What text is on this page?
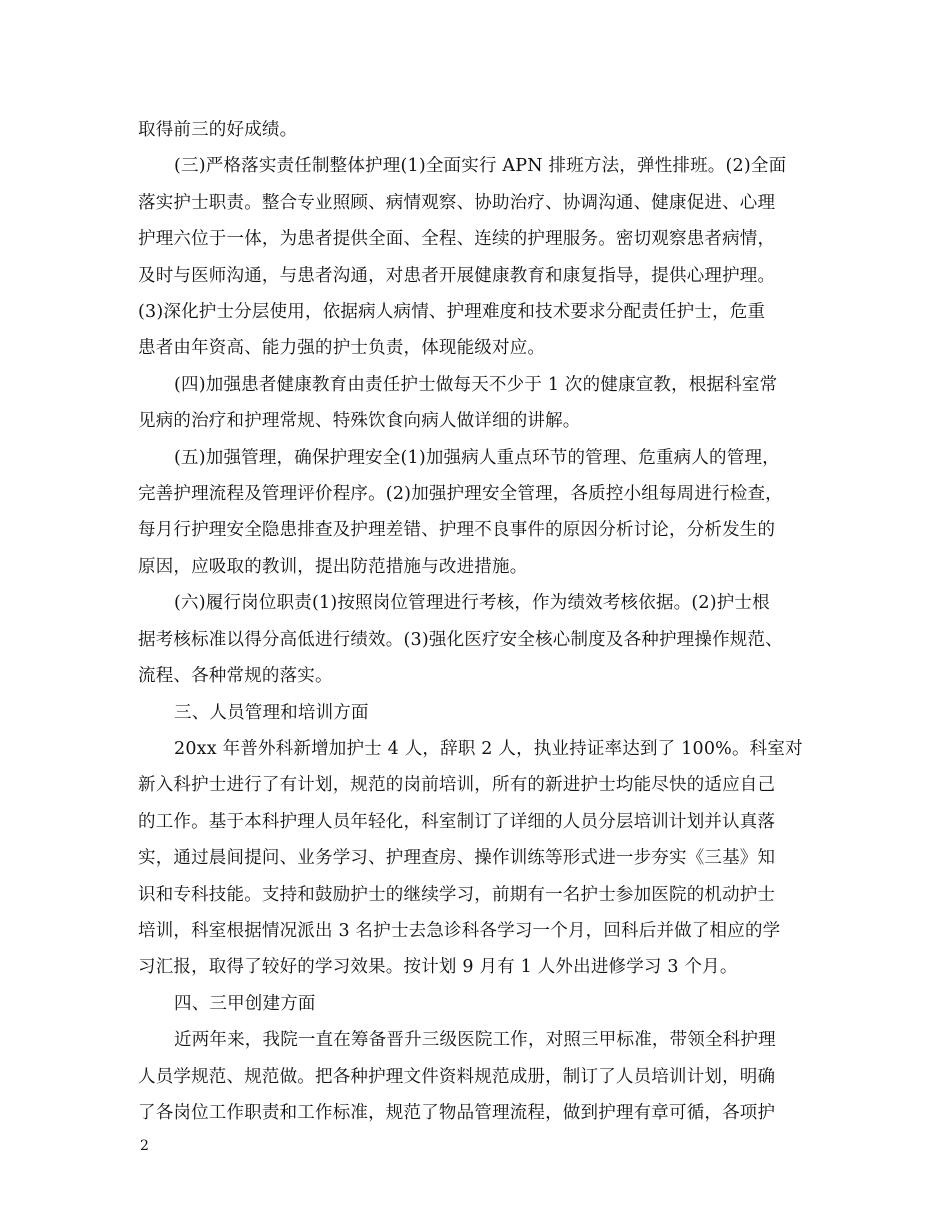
取得前三的好成绩。
(三)严格落实责任制整体护理(1)全面实行 APN 排班方法，弹性排班。(2)全面
落实护士职责。整合专业照顾、病情观察、协助治疗、协调沟通、健康促进、心理
护理六位于一体，为患者提供全面、全程、连续的护理服务。密切观察患者病情，
及时与医师沟通，与患者沟通，对患者开展健康教育和康复指导，提供心理护理。
(3)深化护士分层使用，依据病人病情、护理难度和技术要求分配责任护士，危重
患者由年资高、能力强的护士负责，体现能级对应。
(四)加强患者健康教育由责任护士做每天不少于 1 次的健康宣教，根据科室常
见病的治疗和护理常规、特殊饮食向病人做详细的讲解。
(五)加强管理，确保护理安全(1)加强病人重点环节的管理、危重病人的管理，
完善护理流程及管理评价程序。(2)加强护理安全管理，各质控小组每周进行检查，
每月行护理安全隐患排查及护理差错、护理不良事件的原因分析讨论，分析发生的
原因，应吸取的教训，提出防范措施与改进措施。
(六)履行岗位职责(1)按照岗位管理进行考核，作为绩效考核依据。(2)护士根
据考核标准以得分高低进行绩效。(3)强化医疗安全核心制度及各种护理操作规范、
流程、各种常规的落实。
三、人员管理和培训方面
20xx 年普外科新增加护士 4 人，辞职 2 人，执业持证率达到了 100%。科室对
新入科护士进行了有计划，规范的岗前培训，所有的新进护士均能尽快的适应自己
的工作。基于本科护理人员年轻化，科室制订了详细的人员分层培训计划并认真落
实，通过晨间提问、业务学习、护理查房、操作训练等形式进一步夯实《三基》知
识和专科技能。支持和鼓励护士的继续学习，前期有一名护士参加医院的机动护士
培训，科室根据情况派出 3 名护士去急诊科各学习一个月，回科后并做了相应的学
习汇报，取得了较好的学习效果。按计划 9 月有 1 人外出进修学习 3 个月。
四、三甲创建方面
近两年来，我院一直在筹备晋升三级医院工作，对照三甲标准，带领全科护理
人员学规范、规范做。把各种护理文件资料规范成册，制订了人员培训计划，明确
了各岗位工作职责和工作标准，规范了物品管理流程，做到护理有章可循，各项护
2
